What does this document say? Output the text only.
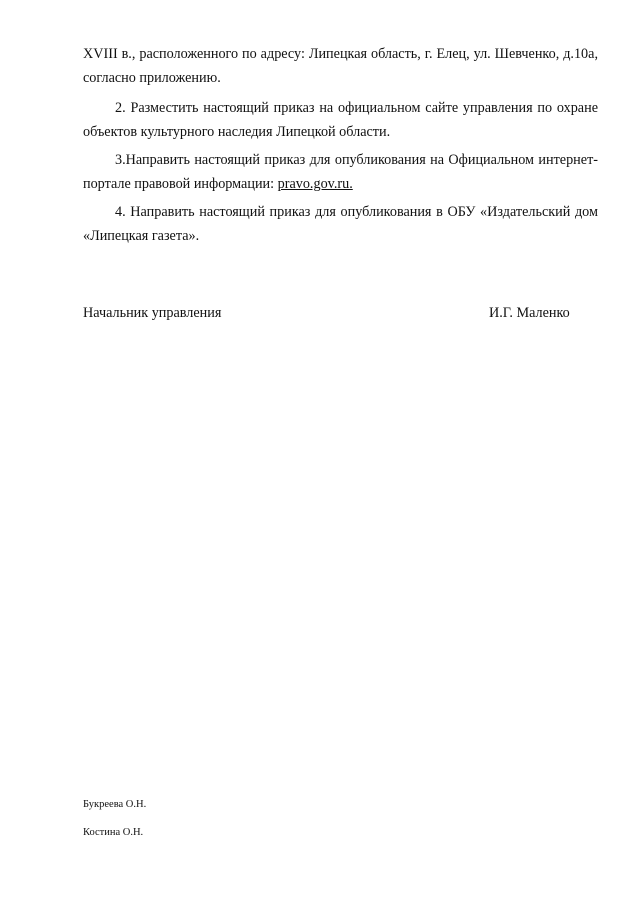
XVIII в., расположенного по адресу: Липецкая область, г. Елец, ул. Шевченко, д.10а, согласно приложению.

2. Разместить настоящий приказ на официальном сайте управления по охране объектов культурного наследия Липецкой области.

3.Направить настоящий приказ для опубликования на Официальном интернет-портале правовой информации: pravo.gov.ru.

4. Направить настоящий приказ для опубликования в ОБУ «Издательский дом «Липецкая газета».

Начальник управления	И.Г. Маленко
Букреева О.Н.
Костина О.Н.
